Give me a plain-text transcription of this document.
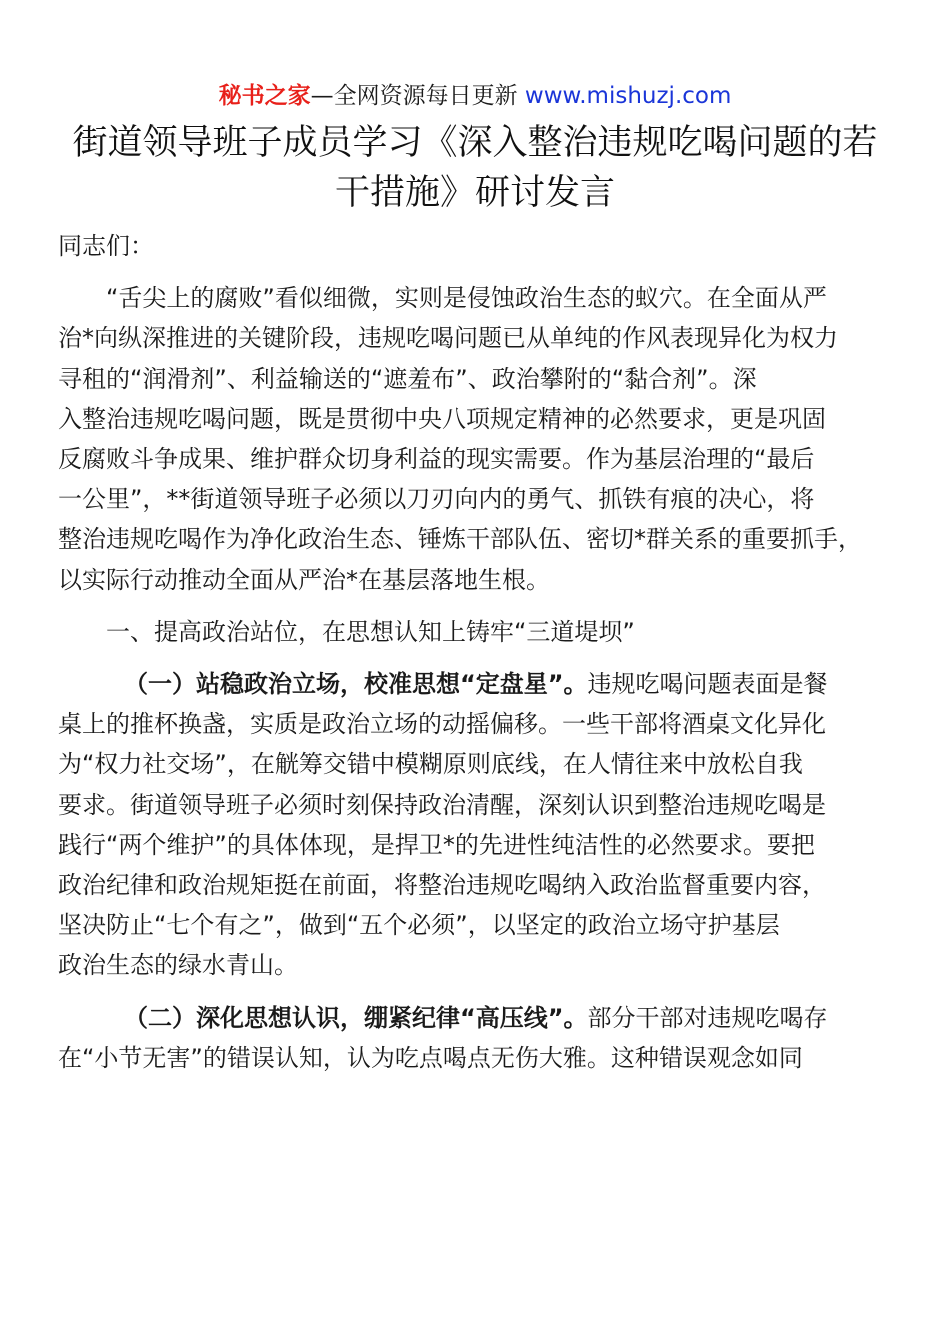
秘书之家—全网资源每日更新 www.mishuzj.com
街道领导班子成员学习《深入整治违规吃喝问题的若
干措施》研讨发言
同志们：
“舌尖上的腐败”看似细微，实则是侵蚀政治生态的蚁穴。在全面从严
治*向纵深推进的关键阶段，违规吃喝问题已从单纯的作风表现异化为权力
寻租的“润滑剂”、利益输送的“遮羞布”、政治攀附的“黏合剂”。深
入整治违规吃喝问题，既是贯彻中央八项规定精神的必然要求，更是巩固
反腐败斗争成果、维护群众切身利益的现实需要。作为基层治理的“最后
一公里”，**街道领导班子必须以刀刃向内的勇气、抓铁有痕的决心，将
整治违规吃喝作为净化政治生态、锤炼干部队伍、密切*群关系的重要抓手，
以实际行动推动全面从严治*在基层落地生根。
一、提高政治站位，在思想认知上铸牢“三道堤坝”
（一）站稳政治立场，校准思想“定盘星”。违规吃喝问题表面是餐
桌上的推杯换盏，实质是政治立场的动摇偏移。一些干部将酒桌文化异化
为“权力社交场”，在觥筹交错中模糊原则底线，在人情往来中放松自我
要求。街道领导班子必须时刻保持政治清醒，深刻认识到整治违规吃喝是
践行“两个维护”的具体体现，是捍卫*的先进性纯洁性的必然要求。要把
政治纪律和政治规矩挺在前面，将整治违规吃喝纳入政治监督重要内容，
坚决防止“七个有之”，做到“五个必须”，以坚定的政治立场守护基层
政治生态的绿水青山。
（二）深化思想认识，绷紧纪律“高压线”。部分干部对违规吃喝存
在“小节无害”的错误认知，认为吃点喝点无伤大雅。这种错误观念如同
